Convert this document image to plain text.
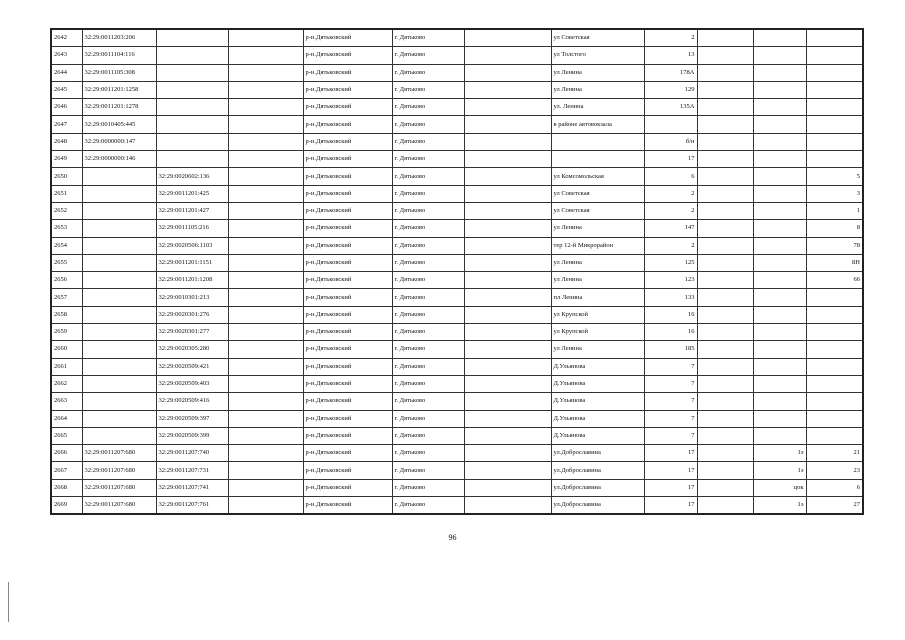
2642	32:29:0011203:206			р-н.Дятьковский	г. Дятьково		ул Советская	2			
2643	32:29:0011104:116			р-н.Дятьковский	г. Дятьково		ул Толстого	13			
2644	32:29:0011105:308			р-н.Дятьковский	г. Дятьково		ул Ленина	178А			
2645	32:29:0011201:1258			р-н.Дятьковский	г. Дятьково		ул Ленина	129			
2646	32:29:0011201:1278			р-н.Дятьковский	г. Дятьково		ул. Ленина	135А			
2647	32:29:0010405:445			р-н.Дятьковский	г. Дятьково		в районе автовокзала				
2648	32:29:0000000:147			р-н.Дятьковский	г. Дятьково			б/н			
2649	32:29:0000000:146			р-н.Дятьковский	г. Дятьково			17			
2650		32:29:0020602:136		р-н.Дятьковский	г. Дятьково		ул Комсомольская	6			5
2651		32:29:0011201:425		р-н.Дятьковский	г. Дятьково		ул Советская	2			3
2652		32:29:0011201:427		р-н.Дятьковский	г. Дятьково		ул Советская	2			1
2653		32:29:0011105:216		р-н.Дятьковский	г. Дятьково		ул Ленина	147			8
2654		32:29:0020506:1103		р-н.Дятьковский	г. Дятьково		тер 12-й Микрорайон	2			78
2655		32:29:0011201:1151		р-н.Дятьковский	г. Дятьково		ул Ленина	125			8Н
2656		32:29:0011201:1208		р-н.Дятьковский	г. Дятьково		ул Ленина	123			66
2657		32:29:0010301:213		р-н.Дятьковский	г. Дятьково		пл Ленина	133			
2658		32:29:0020301:276		р-н.Дятьковский	г. Дятьково		ул Крупской	16			
2659		32:29:0020301:277		р-н.Дятьковский	г. Дятьково		ул Крупской	16			
2660		32:29:0020305:280		р-н.Дятьковский	г. Дятьково		ул Ленина	185			
2661		32:29:0020509:421		р-н.Дятьковский	г. Дятьково		Д.Ульянова	7			
2662		32:29:0020509:403		р-н.Дятьковский	г. Дятьково		Д.Ульянова	7			
2663		32:29:0020509:416		р-н.Дятьковский	г. Дятьково		Д.Ульянова	7			
2664		32:29:0020509:397		р-н.Дятьковский	г. Дятьково		Д.Ульянова	7			
2665		32:29:0020509:399		р-н.Дятьковский	г. Дятьково		Д.Ульянова	7			
2666	32:29:0011207:680	32:29:0011207:740		р-н.Дятьковский	г. Дятьково		ул.Доброславина	17		1э	21
2667	32:29:0011207:680	32:29:0011207:731		р-н.Дятьковский	г. Дятьково		ул.Доброславина	17		1э	23
2668	32:29:0011207:680	32:29:0011207:741		р-н.Дятьковский	г. Дятьково		ул.Доброславина	17		цок	6
2669	32:29:0011207:680	32:29:0011207:761		р-н.Дятьковский	г. Дятьково		ул.Доброславина	17		1э	27
96
